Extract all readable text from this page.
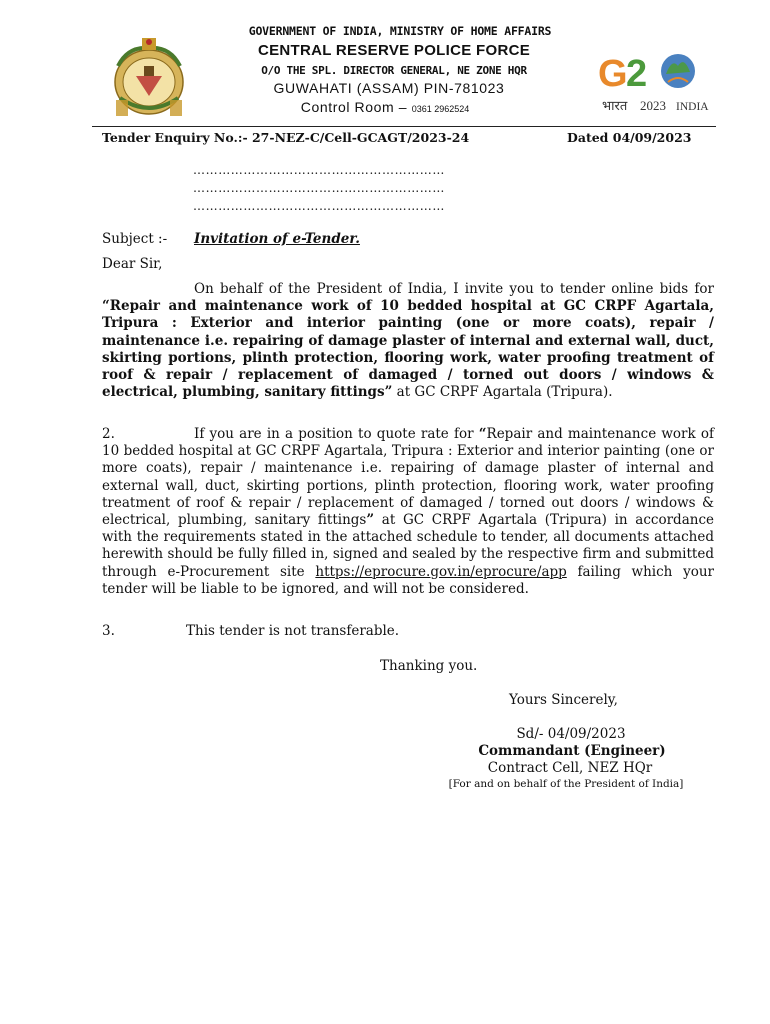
G
2
भारत 2023 INDIA
GOVERNMENT OF INDIA, MINISTRY OF HOME AFFAIRS
CENTRAL RESERVE POLICE FORCE
O/O THE SPL. DIRECTOR GENERAL, NE ZONE HQR
GUWAHATI (ASSAM) PIN-781023
Control Room – 0361 2962524
Tender Enquiry No.:- 27-NEZ-C/Cell-GCAGT/2023-24	Dated 04/09/2023
……………………………………………………
……………………………………………………
……………………………………………………
Subject :- Invitation of e-Tender.
Dear Sir,
On behalf of the President of India, I invite you to tender online bids for “Repair and maintenance work of 10 bedded hospital at GC CRPF Agartala, Tripura : Exterior and interior painting (one or more coats), repair / maintenance i.e. repairing of damage plaster of internal and external wall, duct, skirting portions, plinth protection, flooring work, water proofing treatment of roof & repair / replacement of damaged / torned out doors / windows & electrical, plumbing, sanitary fittings” at GC CRPF Agartala (Tripura).
2.	If you are in a position to quote rate for “Repair and maintenance work of 10 bedded hospital at GC CRPF Agartala, Tripura : Exterior and interior painting (one or more coats), repair / maintenance i.e. repairing of damage plaster of internal and external wall, duct, skirting portions, plinth protection, flooring work, water proofing treatment of roof & repair / replacement of damaged / torned out doors / windows & electrical, plumbing, sanitary fittings” at GC CRPF Agartala (Tripura) in accordance with the requirements stated in the attached schedule to tender, all documents attached herewith should be fully filled in, signed and sealed by the respective firm and submitted through e-Procurement site https://eprocure.gov.in/eprocure/app failing which your tender will be liable to be ignored, and will not be considered.
3.	This tender is not transferable.
Thanking you.
Yours Sincerely,
Sd/- 04/09/2023
Commandant (Engineer)
Contract Cell, NEZ HQr
[For and on behalf of the President of India]
